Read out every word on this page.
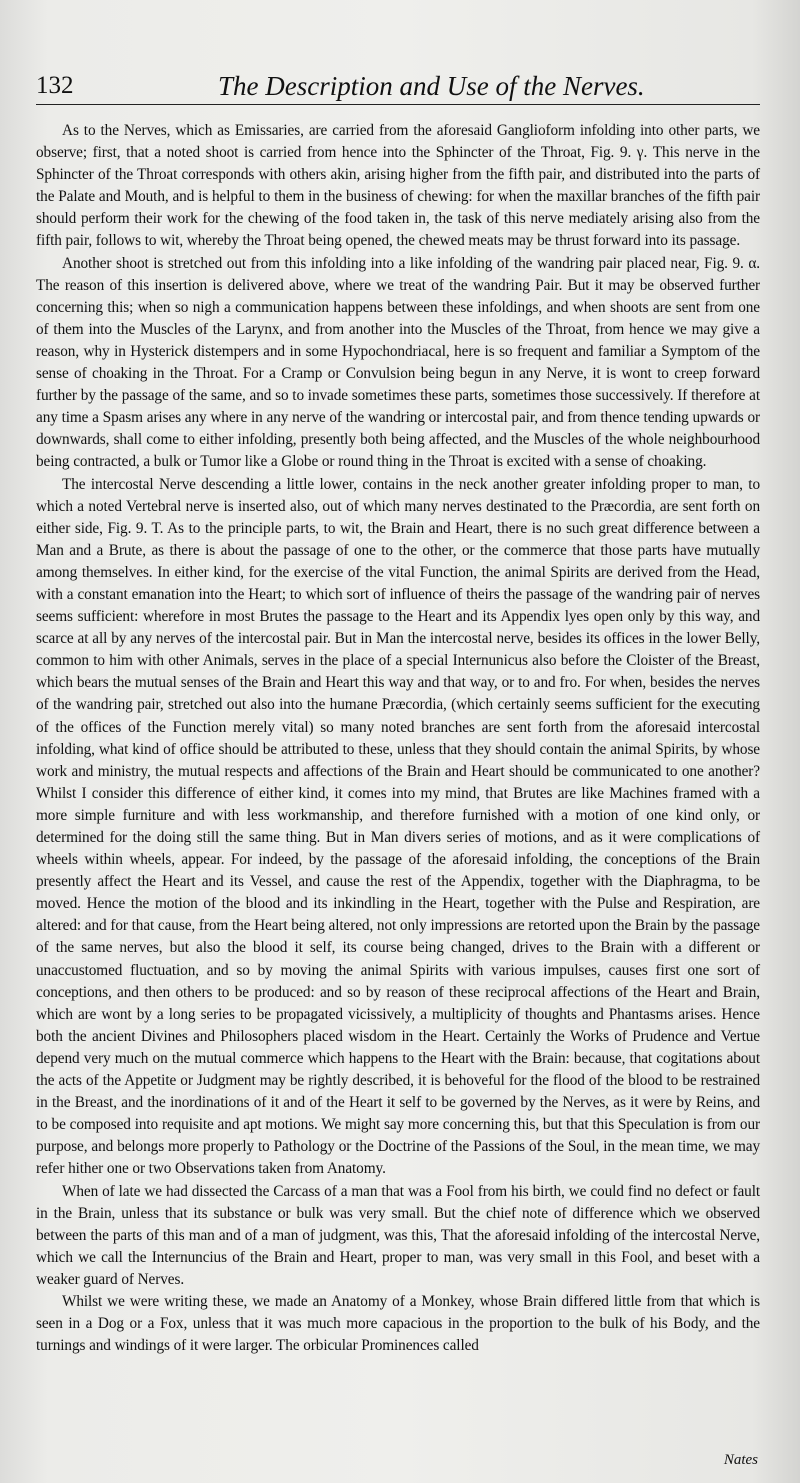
132	The Description and Use of the Nerves.

As to the Nerves, which as Emissaries, are carried from the aforesaid Ganglioform infolding into other parts, we observe; first, that a noted shoot is carried from hence into the Sphincter of the Throat, Fig. 9. γ. This nerve in the Sphincter of the Throat corresponds with others akin, arising higher from the fifth pair, and distributed into the parts of the Palate and Mouth, and is helpful to them in the business of chewing: for when the maxillar branches of the fifth pair should perform their work for the chewing of the food taken in, the task of this nerve mediately arising also from the fifth pair, follows to wit, whereby the Throat being opened, the chewed meats may be thrust forward into its passage.

Another shoot is stretched out from this infolding into a like infolding of the wandring pair placed near, Fig. 9. α. The reason of this insertion is delivered above, where we treat of the wandring Pair. But it may be observed further concerning this; when so nigh a communication happens between these infoldings, and when shoots are sent from one of them into the Muscles of the Larynx, and from another into the Muscles of the Throat, from hence we may give a reason, why in Hysterick distempers and in some Hypochondriacal, here is so frequent and familiar a Symptom of the sense of choaking in the Throat. For a Cramp or Convulsion being begun in any Nerve, it is wont to creep forward further by the passage of the same, and so to invade sometimes these parts, sometimes those successively. If therefore at any time a Spasm arises any where in any nerve of the wandring or intercostal pair, and from thence tending upwards or downwards, shall come to either infolding, presently both being affected, and the Muscles of the whole neighbourhood being contracted, a bulk or Tumor like a Globe or round thing in the Throat is excited with a sense of choaking.

The intercostal Nerve descending a little lower, contains in the neck another greater infolding proper to man, to which a noted Vertebral nerve is inserted also, out of which many nerves destinated to the Præcordia, are sent forth on either side, Fig. 9. T. As to the principle parts, to wit, the Brain and Heart, there is no such great difference between a Man and a Brute, as there is about the passage of one to the other, or the commerce that those parts have mutually among themselves. In either kind, for the exercise of the vital Function, the animal Spirits are derived from the Head, with a constant emanation into the Heart; to which sort of influence of theirs the passage of the wandring pair of nerves seems sufficient: wherefore in most Brutes the passage to the Heart and its Appendix lyes open only by this way, and scarce at all by any nerves of the intercostal pair. But in Man the intercostal nerve, besides its offices in the lower Belly, common to him with other Animals, serves in the place of a special Internunicus also before the Cloister of the Breast, which bears the mutual senses of the Brain and Heart this way and that way, or to and fro. For when, besides the nerves of the wandring pair, stretched out also into the humane Præcordia, (which certainly seems sufficient for the executing of the offices of the Function merely vital) so many noted branches are sent forth from the aforesaid intercostal infolding, what kind of office should be attributed to these, unless that they should contain the animal Spirits, by whose work and ministry, the mutual respects and affections of the Brain and Heart should be communicated to one another? Whilst I consider this difference of either kind, it comes into my mind, that Brutes are like Machines framed with a more simple furniture and with less workmanship, and therefore furnished with a motion of one kind only, or determined for the doing still the same thing. But in Man divers series of motions, and as it were complications of wheels within wheels, appear. For indeed, by the passage of the aforesaid infolding, the conceptions of the Brain presently affect the Heart and its Vessel, and cause the rest of the Appendix, together with the Diaphragma, to be moved. Hence the motion of the blood and its inkindling in the Heart, together with the Pulse and Respiration, are altered: and for that cause, from the Heart being altered, not only impressions are retorted upon the Brain by the passage of the same nerves, but also the blood it self, its course being changed, drives to the Brain with a different or unaccustomed fluctuation, and so by moving the animal Spirits with various impulses, causes first one sort of conceptions, and then others to be produced: and so by reason of these reciprocal affections of the Heart and Brain, which are wont by a long series to be propagated vicissively, a multiplicity of thoughts and Phantasms arises. Hence both the ancient Divines and Philosophers placed wisdom in the Heart. Certainly the Works of Prudence and Vertue depend very much on the mutual commerce which happens to the Heart with the Brain: because, that cogitations about the acts of the Appetite or Judgment may be rightly described, it is behoveful for the flood of the blood to be restrained in the Breast, and the inordinations of it and of the Heart it self to be governed by the Nerves, as it were by Reins, and to be composed into requisite and apt motions. We might say more concerning this, but that this Speculation is from our purpose, and belongs more properly to Pathology or the Doctrine of the Passions of the Soul, in the mean time, we may refer hither one or two Observations taken from Anatomy.

When of late we had dissected the Carcass of a man that was a Fool from his birth, we could find no defect or fault in the Brain, unless that its substance or bulk was very small. But the chief note of difference which we observed between the parts of this man and of a man of judgment, was this, That the aforesaid infolding of the intercostal Nerve, which we call the Internuncius of the Brain and Heart, proper to man, was very small in this Fool, and beset with a weaker guard of Nerves.

Whilst we were writing these, we made an Anatomy of a Monkey, whose Brain differed little from that which is seen in a Dog or a Fox, unless that it was much more capacious in the proportion to the bulk of his Body, and the turnings and windings of it were larger. The orbicular Prominences called

Nates
